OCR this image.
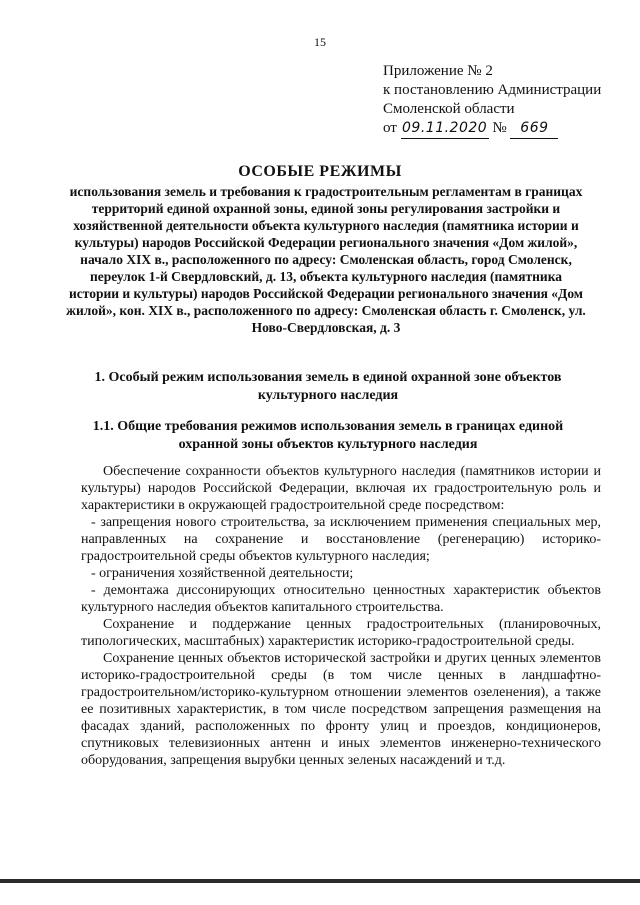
15
Приложение № 2
к постановлению Администрации
Смоленской области
от 09.11.2020 № 669
ОСОБЫЕ РЕЖИМЫ
использования земель и требования к градостроительным регламентам в границах территорий единой охранной зоны, единой зоны регулирования застройки и хозяйственной деятельности объекта культурного наследия (памятника истории и культуры) народов Российской Федерации регионального значения «Дом жилой», начало XIX в., расположенного по адресу: Смоленская область, город Смоленск, переулок 1-й Свердловский, д. 13, объекта культурного наследия (памятника истории и культуры) народов Российской Федерации регионального значения «Дом жилой», кон. XIX в., расположенного по адресу: Смоленская область г. Смоленск, ул. Ново-Свердловская, д. 3
1. Особый режим использования земель в единой охранной зоне объектов культурного наследия
1.1. Общие требования режимов использования земель в границах единой охранной зоны объектов культурного наследия

Обеспечение сохранности объектов культурного наследия (памятников истории и культуры) народов Российской Федерации, включая их градостроительную роль и характеристики в окружающей градостроительной среде посредством:

- запрещения нового строительства, за исключением применения специальных мер, направленных на сохранение и восстановление (регенерацию) историко-градостроительной среды объектов культурного наследия;

- ограничения хозяйственной деятельности;

- демонтажа диссонирующих относительно ценностных характеристик объектов культурного наследия объектов капитального строительства.

Сохранение и поддержание ценных градостроительных (планировочных, типологических, масштабных) характеристик историко-градостроительной среды.

Сохранение ценных объектов исторической застройки и других ценных элементов историко-градостроительной среды (в том числе ценных в ландшафтно-градостроительном/историко-культурном отношении элементов озеленения), а также ее позитивных характеристик, в том числе посредством запрещения размещения на фасадах зданий, расположенных по фронту улиц и проездов, кондиционеров, спутниковых телевизионных антенн и иных элементов инженерно-технического оборудования, запрещения вырубки ценных зеленых насаждений и т.д.
